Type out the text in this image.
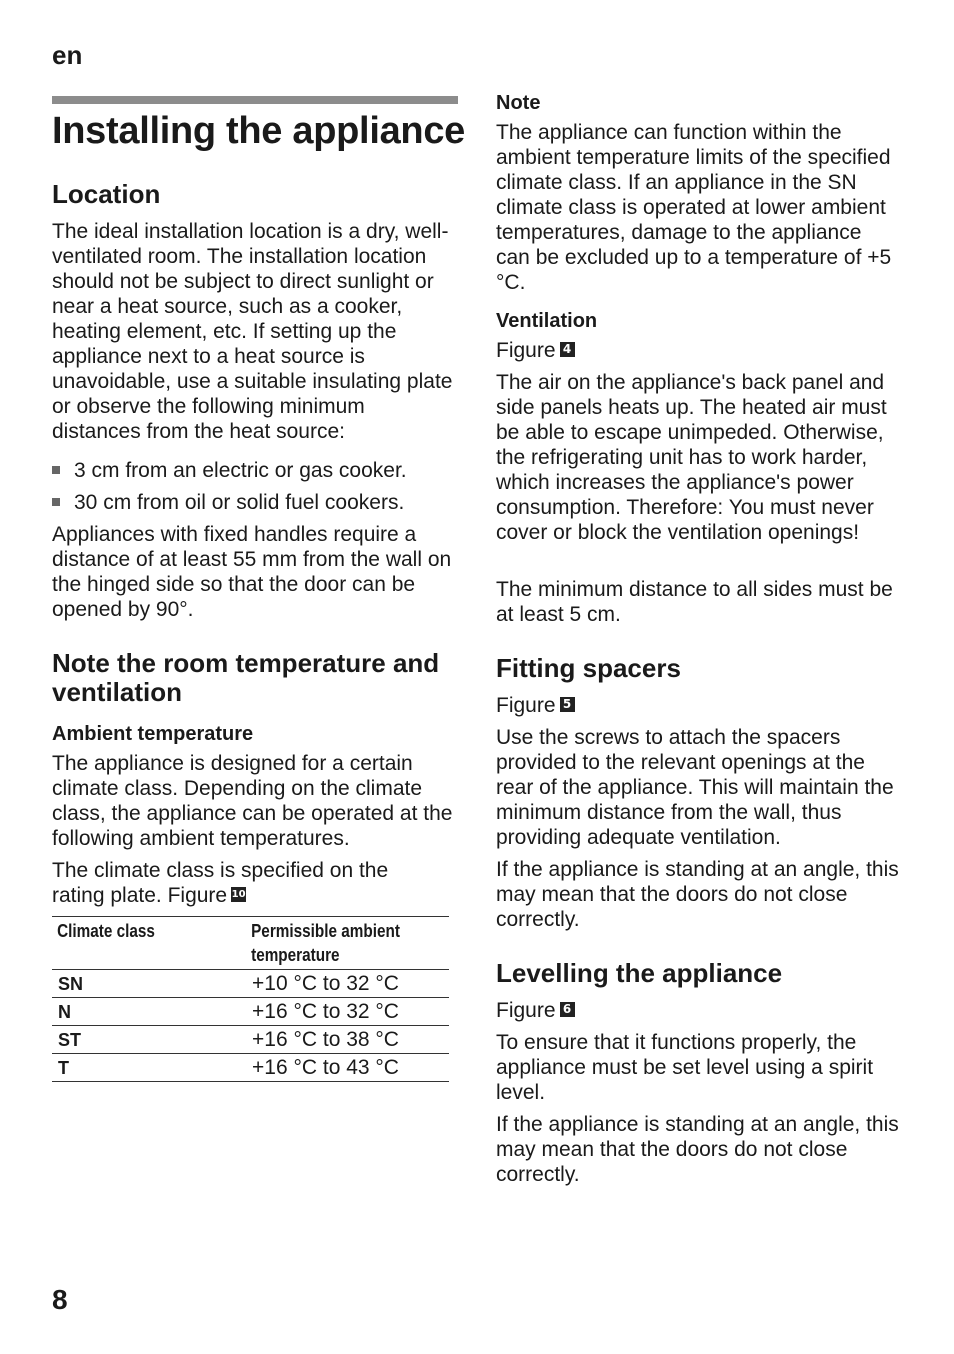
en
Installing the appliance
Location
The ideal installation location is a dry, well-ventilated room. The installation location should not be subject to direct sunlight or near a heat source, such as a cooker, heating element, etc. If setting up the appliance next to a heat source is unavoidable, use a suitable insulating plate or observe the following minimum distances from the heat source:
3 cm from an electric or gas cooker.
30 cm from oil or solid fuel cookers.
Appliances with fixed handles require a distance of at least 55 mm from the wall on the hinged side so that the door can be opened by 90°.
Note the room temperature and ventilation
Ambient temperature
The appliance is designed for a certain climate class. Depending on the climate class, the appliance can be operated at the following ambient temperatures.
The climate class is specified on the rating plate. Figure 10
Climate class	Permissible ambient temperature
SN	+10 °C to 32 °C
N	+16 °C to 32 °C
ST	+16 °C to 38 °C
T	+16 °C to 43 °C
Note
The appliance can function within the ambient temperature limits of the specified climate class. If an appliance in the SN climate class is operated at lower ambient temperatures, damage to the appliance can be excluded up to a temperature of +5 °C.
Ventilation
Figure 4
The air on the appliance's back panel and side panels heats up. The heated air must be able to escape unimpeded. Otherwise, the refrigerating unit has to work harder, which increases the appliance's power consumption. Therefore: You must never cover or block the ventilation openings!
The minimum distance to all sides must be at least 5 cm.
Fitting spacers
Figure 5
Use the screws to attach the spacers provided to the relevant openings at the rear of the appliance. This will maintain the minimum distance from the wall, thus providing adequate ventilation.
If the appliance is standing at an angle, this may mean that the doors do not close correctly.
Levelling the appliance
Figure 6
To ensure that it functions properly, the appliance must be set level using a spirit level.
If the appliance is standing at an angle, this may mean that the doors do not close correctly.
8
